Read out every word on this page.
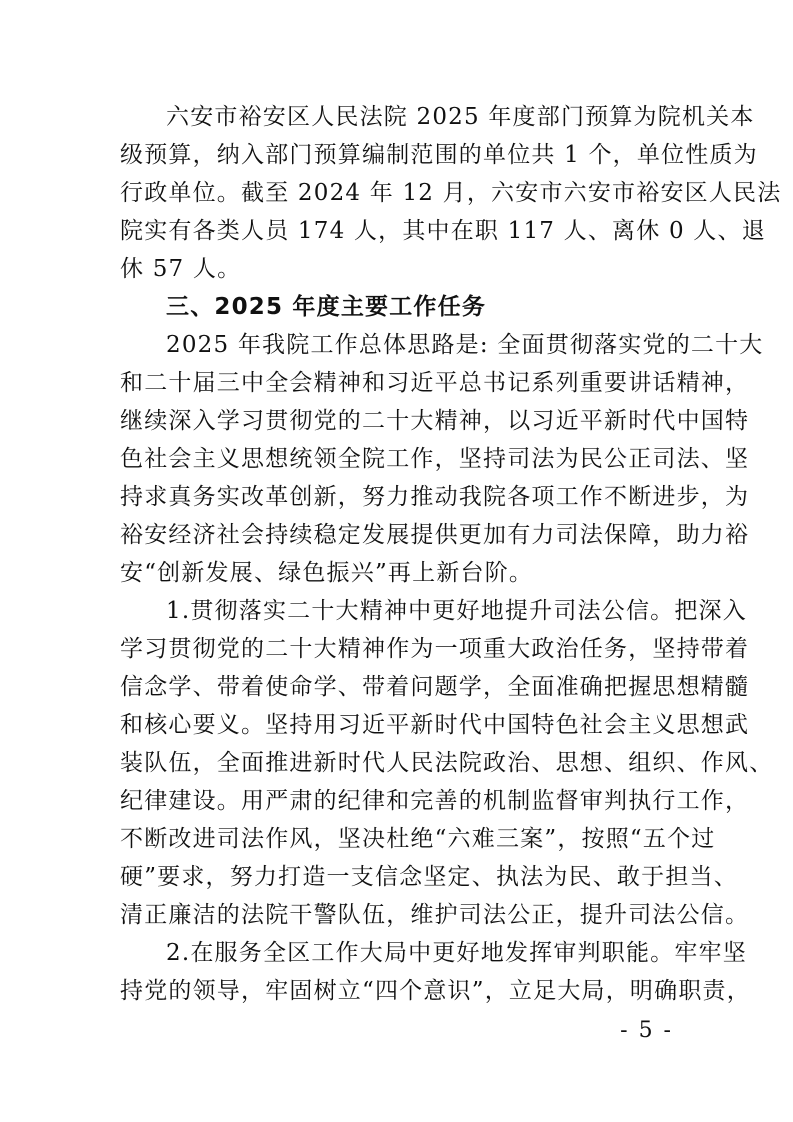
六安市裕安区人民法院 2025 年度部门预算为院机关本
级预算，纳入部门预算编制范围的单位共 1 个，单位性质为
行政单位。截至 2024 年 12 月，六安市六安市裕安区人民法
院实有各类人员 174 人，其中在职 117 人、离休 0 人、退
休 57 人。
三、2025 年度主要工作任务
2025 年我院工作总体思路是: 全面贯彻落实党的二十大
和二十届三中全会精神和习近平总书记系列重要讲话精神，
继续深入学习贯彻党的二十大精神，以习近平新时代中国特
色社会主义思想统领全院工作，坚持司法为民公正司法、坚
持求真务实改革创新，努力推动我院各项工作不断进步，为
裕安经济社会持续稳定发展提供更加有力司法保障，助力裕
安“创新发展、绿色振兴”再上新台阶。
1.贯彻落实二十大精神中更好地提升司法公信。把深入
学习贯彻党的二十大精神作为一项重大政治任务，坚持带着
信念学、带着使命学、带着问题学，全面准确把握思想精髓
和核心要义。坚持用习近平新时代中国特色社会主义思想武
装队伍，全面推进新时代人民法院政治、思想、组织、作风、
纪律建设。用严肃的纪律和完善的机制监督审判执行工作，
不断改进司法作风，坚决杜绝“六难三案”，按照“五个过
硬”要求，努力打造一支信念坚定、执法为民、敢于担当、
清正廉洁的法院干警队伍，维护司法公正，提升司法公信。
2.在服务全区工作大局中更好地发挥审判职能。牢牢坚
持党的领导，牢固树立“四个意识”，立足大局，明确职责，
- 5 -
